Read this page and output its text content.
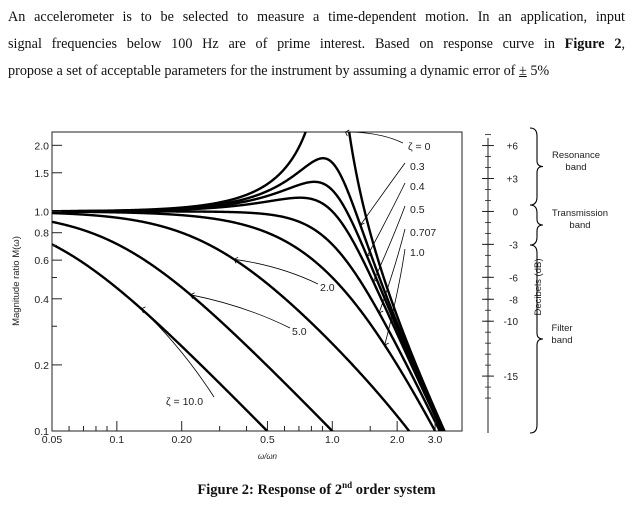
An accelerometer is to be selected to measure a time-dependent motion. In an application, input
signal frequencies below 100 Hz are of prime interest. Based on response curve in Figure 2,
propose a set of acceptable parameters for the instrument by assuming a dynamic error of ± 5%

ζ = 0
0.3
0.4
0.5
0.707
1.0
2.0
5.0
ζ = 10.0
0.05	0.1	0.20	0.5	1.0	2.0 3.0
ω/ωn
0.1
0.2
0.4
0.6
0.8
1.0
1.5
2.0
Magnitude ratio M(ω)
+6
+3
0
-3
-6
-8
-10
-15
Decibels (dB)
Resonance band
Transmission band
Filter band

Figure 2: Response of 2nd order system
